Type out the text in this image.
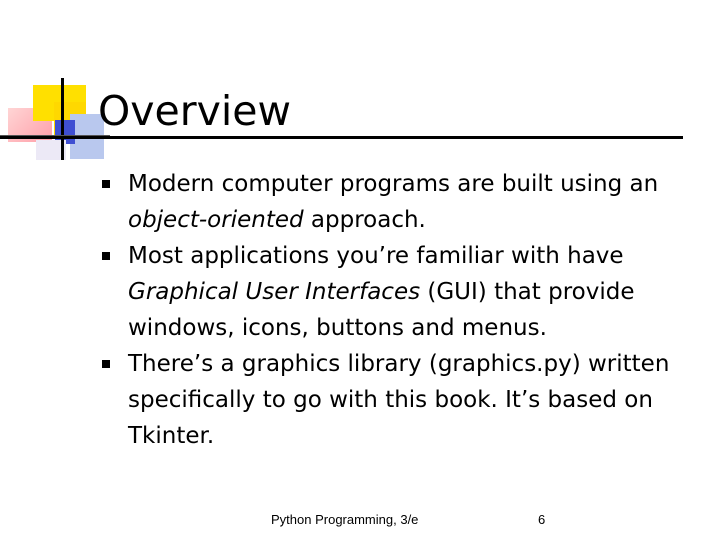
Overview
Modern computer programs are built using an object-oriented approach.
Most applications you’re familiar with have Graphical User Interfaces (GUI) that provide windows, icons, buttons and menus.
There’s a graphics library (graphics.py) written specifically to go with this book. It’s based on Tkinter.
Python Programming, 3/e	6
